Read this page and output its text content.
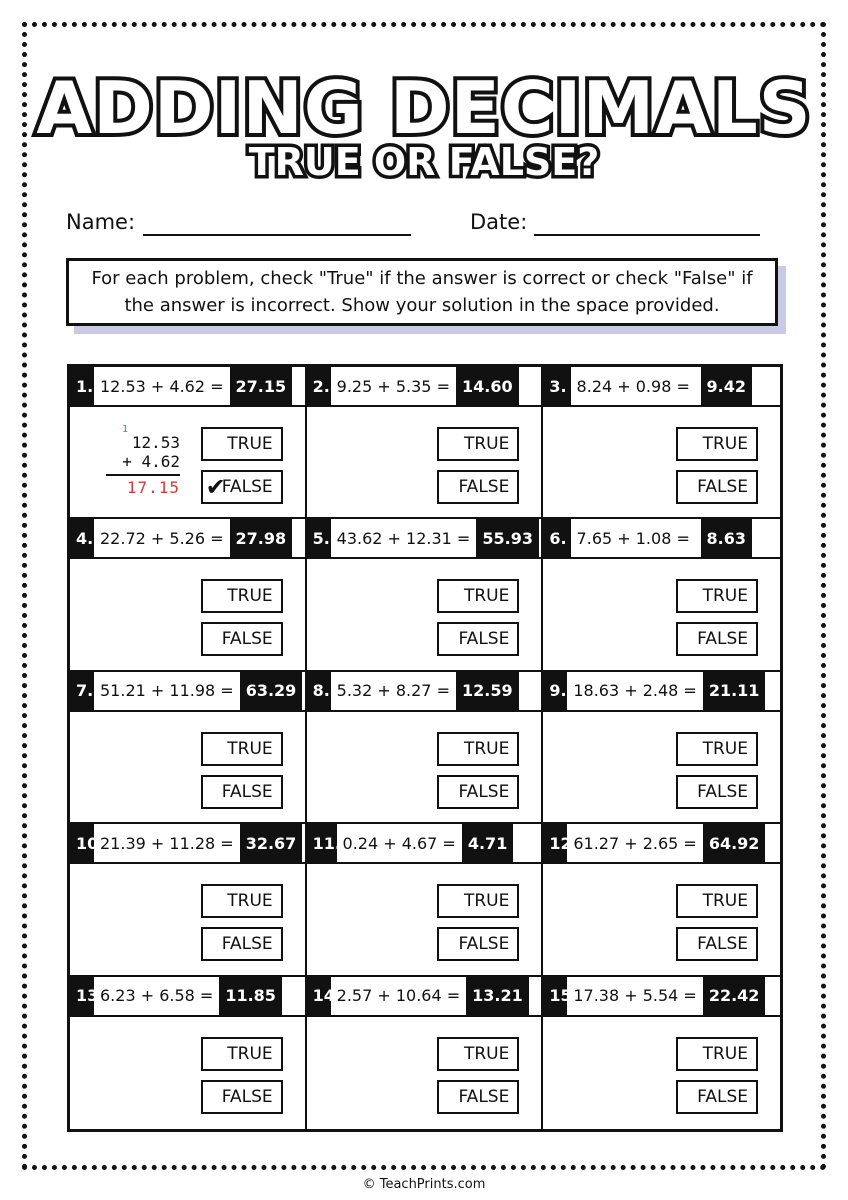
ADDING DECIMALS
TRUE OR FALSE?
Name:	Date:
For each problem, check "True" if the answer is correct or check "False" if the answer is incorrect. Show your solution in the space provided.
1. 12.53 + 4.62 = 27.15
TRUE
✔
FALSE
1
12.53
+ 4.62
17.15
2. 9.25 + 5.35 = 14.60
TRUE
FALSE
3. 8.24 + 0.98 =	9.42
TRUE
FALSE
4. 22.72 + 5.26 = 27.98
TRUE
FALSE
5. 43.62 + 12.31 = 55.93
TRUE
FALSE
6. 7.65 + 1.08 =	8.63
TRUE
FALSE
7. 51.21 + 11.98 = 63.29
TRUE
FALSE
8. 5.32 + 8.27 = 12.59
TRUE
FALSE
9. 18.63 + 2.48 = 21.11
TRUE
FALSE
10.
21.39 + 11.28 = 32.67
TRUE
FALSE
11. 0.24 + 4.67 = 4.71
TRUE
FALSE
12.
61.27 + 2.65 = 64.92
TRUE
FALSE
13.
6.23 + 6.58 = 11.85
TRUE
FALSE
14.
2.57 + 10.64 = 13.21
TRUE
FALSE
15.
17.38 + 5.54 = 22.42
TRUE
FALSE
© TeachPrints.com
